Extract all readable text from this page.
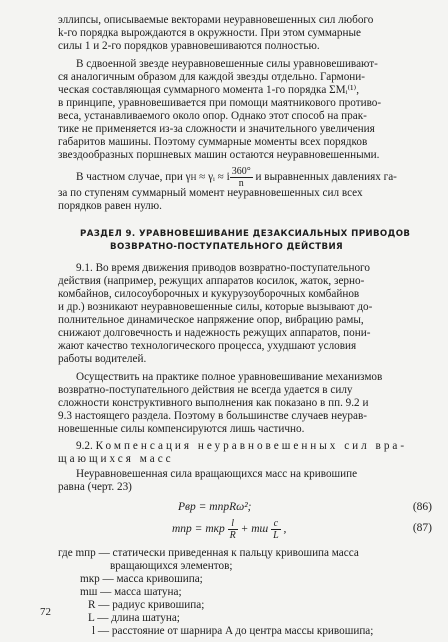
эллипсы, описываемые векторами неуравновешенных сил любого
k-го порядка вырождаются в окружности. При этом суммарные
силы 1 и 2-го порядков уравновешиваются полностью.
В сдвоенной звезде неуравновешенные силы уравновешивают-
ся аналогичным образом для каждой звезды отдельно. Гармони-
ческая составляющая суммарного момента 1-го порядка ΣMᵢ⁽¹⁾,
в принципе, уравновешивается при помощи маятникового противо-
веса, устанавливаемого около опор. Однако этот способ на прак-
тике не применяется из-за сложности и значительного увеличения
габаритов машины. Поэтому суммарные моменты всех порядков
звездообразных поршневых машин остаются неуравновешенными.
В частном случае, при γH ≈ γᵢ ≈ i $\frac{360^\circ}{n}$ и выравненных давлениях га-
за по ступеням суммарный момент неуравновешенных сил всех
порядков равен нулю.
РАЗДЕЛ 9. УРАВНОВЕШИВАНИЕ ДЕЗАКСИАЛЬНЫХ ПРИВОДОВ
ВОЗВРАТНО-ПОСТУПАТЕЛЬНОГО ДЕЙСТВИЯ
9.1. Во время движения приводов возвратно-поступательного
действия (например, режущих аппаратов косилок, жаток, зерно-
комбайнов, силосоуборочных и кукурузоуборочных комбайнов
и др.) возникают неуравновешенные силы, которые вызывают до-
полнительное динамическое напряжение опор, вибрацию рамы,
снижают долговечность и надежность режущих аппаратов, пони-
жают качество технологического процесса, ухудшают условия
работы водителей.
Осуществить на практике полное уравновешивание механизмов
возвратно-поступательного действия не всегда удается в силу
сложности конструктивного выполнения как показано в пп. 9.2 и
9.3 настоящего раздела. Поэтому в большинстве случаев неурав-
новешенные силы компенсируются лишь частично.
9.2. Компенсация неуравновешенных сил вра-
щающихся масс
Неуравновешенная сила вращающихся масс на кривошипе
равна (черт. 23)
Pвр = mпрRω²;	(86)
mпр = mкр $\frac{l}{R}$ + mш $\frac{c}{L}$ ,	(87)
где mпр — статически приведенная к пальцу кривошипа масса
вращающихся элементов;
mкр — масса кривошипа;
mш — масса шатуна;
R — радиус кривошипа;
L — длина шатуна;
l — расстояние от шарнира A до центра массы кривошипа;
72
